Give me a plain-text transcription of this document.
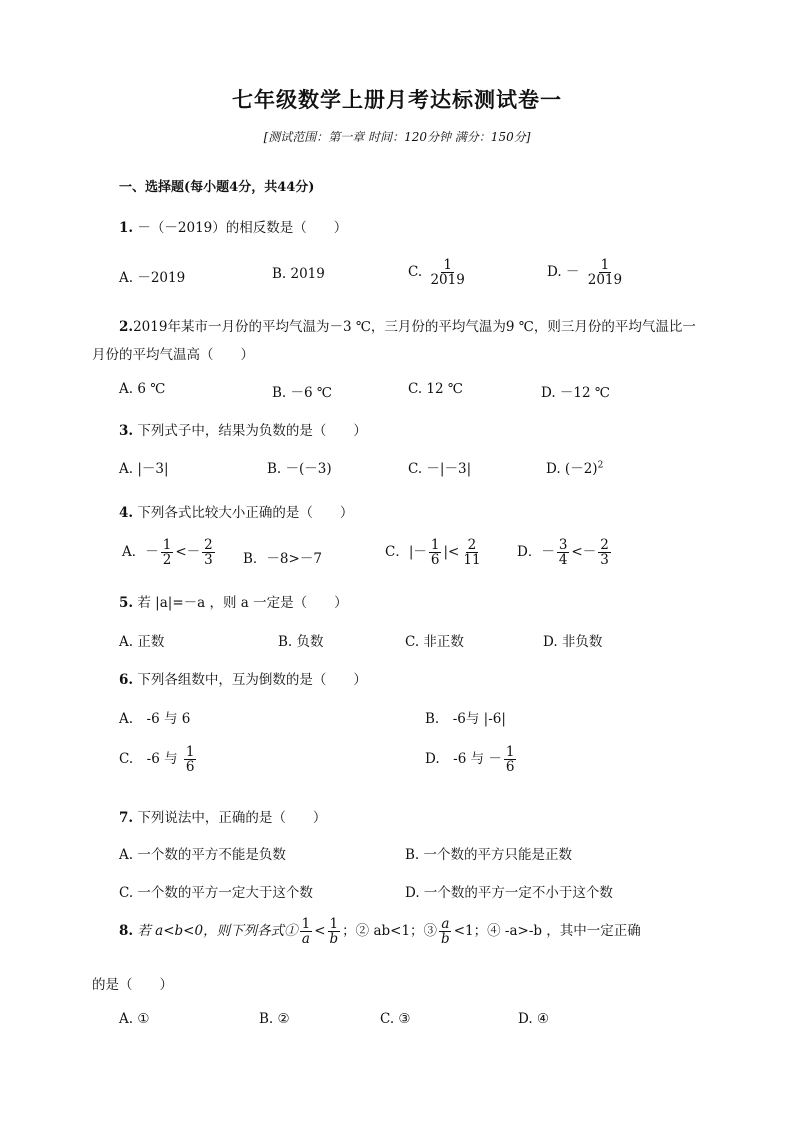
七年级数学上册月考达标测试卷一
[测试范围：第一章 时间：120分钟 满分：150分]
一、选择题(每小题4分，共44分)
1. －（－2019）的相反数是（　　）
A. －2019	B. 2019	C. $\frac{1}{2019}$	D. － $\frac{1}{2019}$
2.2019年某市一月份的平均气温为－3 ℃，三月份的平均气温为9 ℃，则三月份的平均气温比一
月份的平均气温高（　　）
A. 6 ℃	B. －6 ℃	C. 12 ℃	D. －12 ℃
3. 下列式子中，结果为负数的是（　　）
A. |－3|	B. －(－3)	C. －|－3|	D. $(-2)^2$
4. 下列各式比较大小正确的是（　　）
A．－ $\frac{1}{2} <- \frac{2}{3}$ B．－8>－7	C．|－ $\frac{1}{6}$ |< $\frac{2}{11}$	D．－ $\frac{3}{4} <- \frac{2}{3}$
5. 若 |a|=－a ，则 a 一定是（　　）
A. 正数	B. 负数	C. 非正数	D. 非负数
6. 下列各组数中，互为倒数的是（　　）
A.　-6 与 6	B.　-6与 |-6|
C.　-6 与 $\frac{1}{6}$	D.　-6 与 － $\frac{1}{6}$
7. 下列说法中，正确的是（　　）
A. 一个数的平方不能是负数	B. 一个数的平方只能是正数
C. 一个数的平方一定大于这个数	D. 一个数的平方一定不小于这个数
8. 若 a<b<0，则下列各式① $\frac{1}{a} < \frac{1}{b}$ ；② ab<1；③ $\frac{a}{b} <1$；④ -a>-b ，其中一定正确
的是（　　）
A. ①	B. ②	C. ③	D. ④
